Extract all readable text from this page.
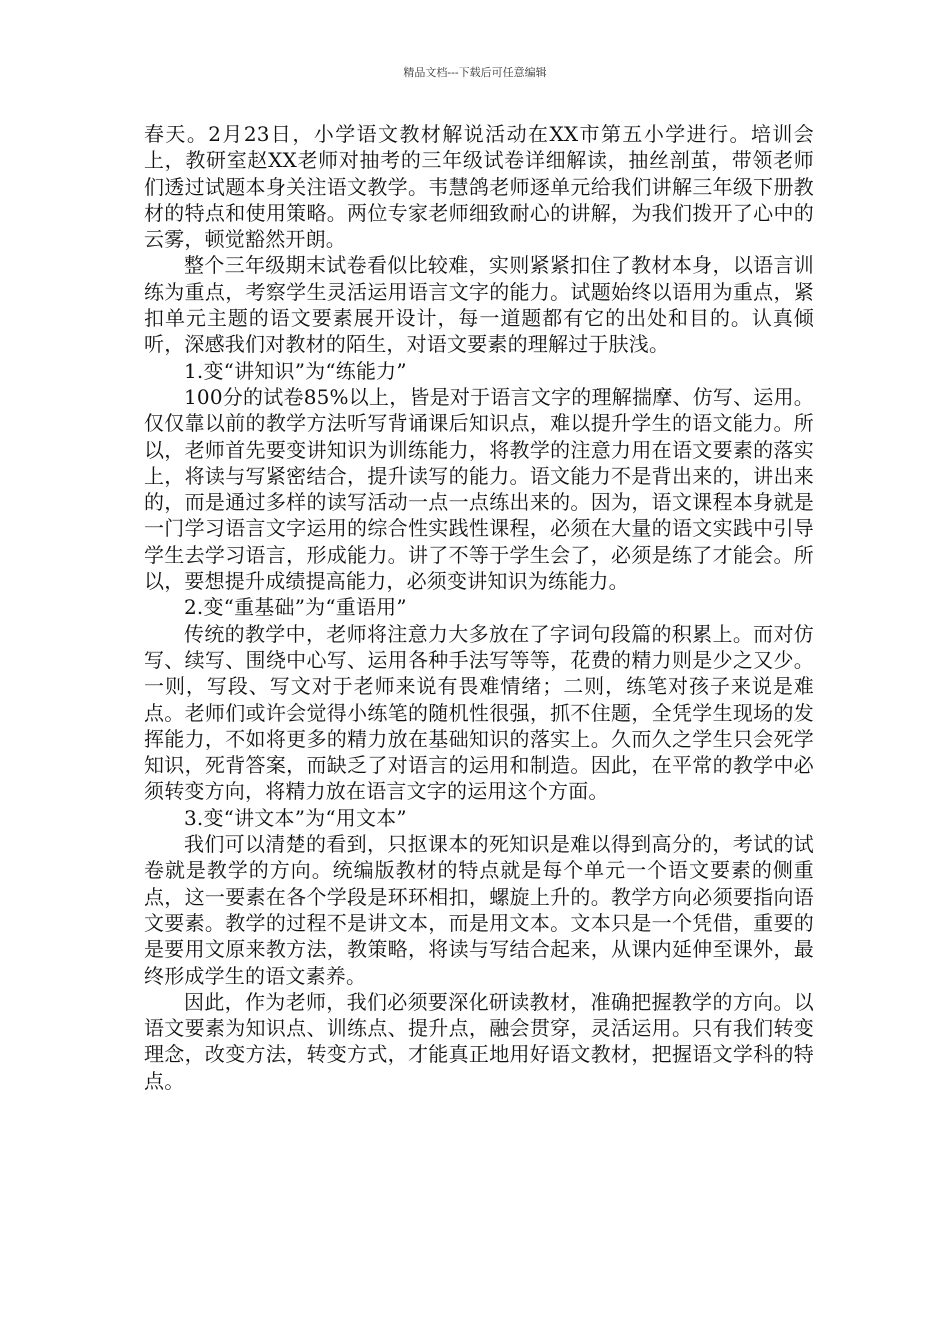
精品文档---下载后可任意编辑

春天。2月23日，小学语文教材解说活动在XX市第五小学进行。培训会上，教研室赵XX老师对抽考的三年级试卷详细解读，抽丝剖茧，带领老师们透过试题本身关注语文教学。韦慧鸽老师逐单元给我们讲解三年级下册教材的特点和使用策略。两位专家老师细致耐心的讲解，为我们拨开了心中的云雾，顿觉豁然开朗。

整个三年级期末试卷看似比较难，实则紧紧扣住了教材本身，以语言训练为重点，考察学生灵活运用语言文字的能力。试题始终以语用为重点，紧扣单元主题的语文要素展开设计，每一道题都有它的出处和目的。认真倾听，深感我们对教材的陌生，对语文要素的理解过于肤浅。

1.变“讲知识”为“练能力”

100分的试卷85%以上，皆是对于语言文字的理解揣摩、仿写、运用。仅仅靠以前的教学方法听写背诵课后知识点，难以提升学生的语文能力。所以，老师首先要变讲知识为训练能力，将教学的注意力用在语文要素的落实上，将读与写紧密结合，提升读写的能力。语文能力不是背出来的，讲出来的，而是通过多样的读写活动一点一点练出来的。因为，语文课程本身就是一门学习语言文字运用的综合性实践性课程，必须在大量的语文实践中引导学生去学习语言，形成能力。讲了不等于学生会了，必须是练了才能会。所以，要想提升成绩提高能力，必须变讲知识为练能力。

2.变“重基础”为“重语用”

传统的教学中，老师将注意力大多放在了字词句段篇的积累上。而对仿写、续写、围绕中心写、运用各种手法写等等，花费的精力则是少之又少。一则，写段、写文对于老师来说有畏难情绪；二则，练笔对孩子来说是难点。老师们或许会觉得小练笔的随机性很强，抓不住题，全凭学生现场的发挥能力，不如将更多的精力放在基础知识的落实上。久而久之学生只会死学知识，死背答案，而缺乏了对语言的运用和制造。因此，在平常的教学中必须转变方向，将精力放在语言文字的运用这个方面。

3.变“讲文本”为“用文本”

我们可以清楚的看到，只抠课本的死知识是难以得到高分的，考试的试卷就是教学的方向。统编版教材的特点就是每个单元一个语文要素的侧重点，这一要素在各个学段是环环相扣，螺旋上升的。教学方向必须要指向语文要素。教学的过程不是讲文本，而是用文本。文本只是一个凭借，重要的是要用文原来教方法，教策略，将读与写结合起来，从课内延伸至课外，最终形成学生的语文素养。

因此，作为老师，我们必须要深化研读教材，准确把握教学的方向。以语文要素为知识点、训练点、提升点，融会贯穿，灵活运用。只有我们转变理念，改变方法，转变方式，才能真正地用好语文教材，把握语文学科的特点。
